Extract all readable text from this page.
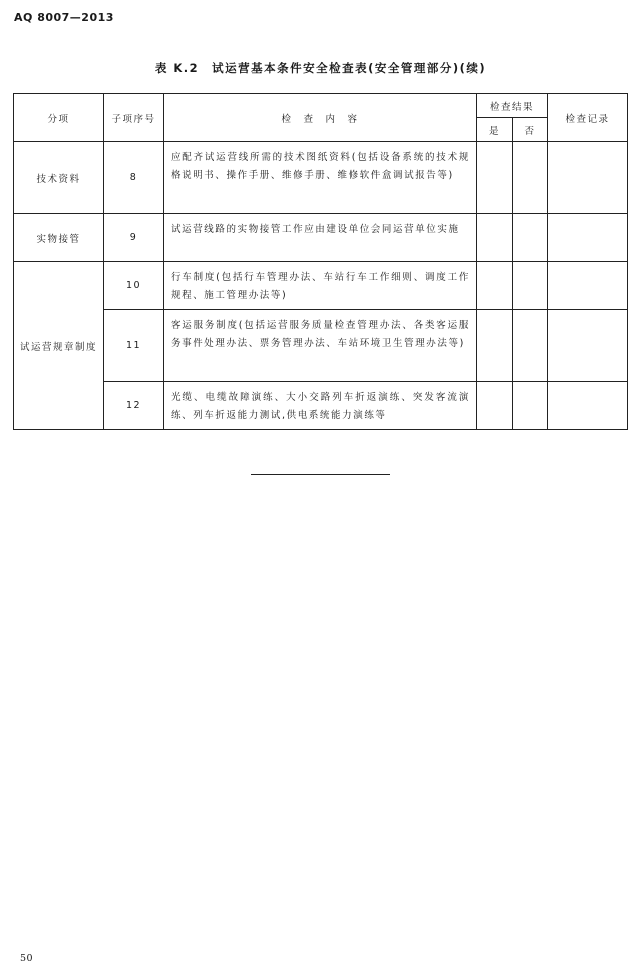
AQ 8007—2013
表 K.2　试运营基本条件安全检查表(安全管理部分)(续)
分项	子项序号	检　查　内　容	检查结果		检查记录
			是	否	
技术资料	8	应配齐试运营线所需的技术图纸资料(包括设备系统的技术规格说明书、操作手册、维修手册、维修软件盒调试报告等)			
实物接管	9	试运营线路的实物接管工作应由建设单位会同运营单位实施			
试运营规章制度	10	行车制度(包括行车管理办法、车站行车工作细则、调度工作规程、施工管理办法等)			
	11	客运服务制度(包括运营服务质量检查管理办法、各类客运服务事件处理办法、票务管理办法、车站环境卫生管理办法等)			
	12	光缆、电缆故障演练、大小交路列车折返演练、突发客流演练、列车折返能力测试,供电系统能力演练等			
50
